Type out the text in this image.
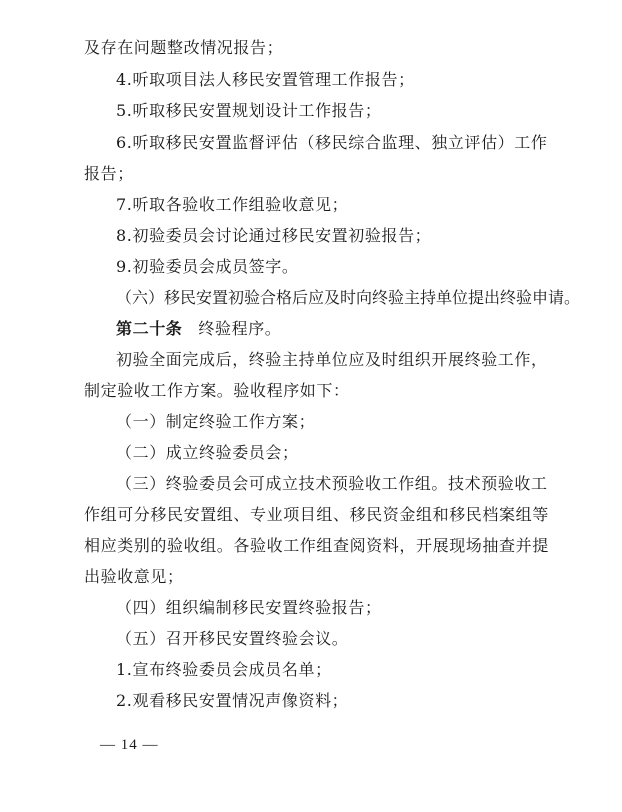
及存在问题整改情况报告；
4.听取项目法人移民安置管理工作报告；
5.听取移民安置规划设计工作报告；
6.听取移民安置监督评估（移民综合监理、独立评估）工作
报告；
7.听取各验收工作组验收意见；
8.初验委员会讨论通过移民安置初验报告；
9.初验委员会成员签字。
（六）移民安置初验合格后应及时向终验主持单位提出终验申请。
第二十条 终验程序。
初验全面完成后，终验主持单位应及时组织开展终验工作，
制定验收工作方案。验收程序如下：
（一）制定终验工作方案；
（二）成立终验委员会；
（三）终验委员会可成立技术预验收工作组。技术预验收工
作组可分移民安置组、专业项目组、移民资金组和移民档案组等
相应类别的验收组。各验收工作组查阅资料，开展现场抽查并提
出验收意见；
（四）组织编制移民安置终验报告；
（五）召开移民安置终验会议。
1.宣布终验委员会成员名单；
2.观看移民安置情况声像资料；
— 14 —
